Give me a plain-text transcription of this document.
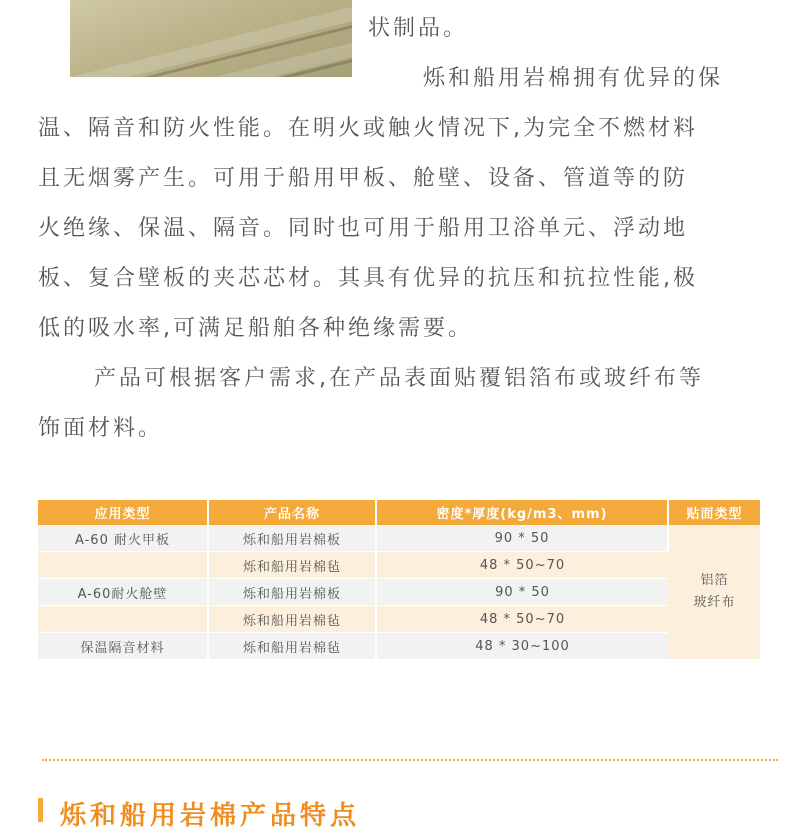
状制品。
烁和船用岩棉拥有优异的保
温、隔音和防火性能。在明火或触火情况下,为完全不燃材料
且无烟雾产生。可用于船用甲板、舱壁、设备、管道等的防
火绝缘、保温、隔音。同时也可用于船用卫浴单元、浮动地
板、复合壁板的夹芯芯材。其具有优异的抗压和抗拉性能,极
低的吸水率,可满足船舶各种绝缘需要。
产品可根据客户需求,在产品表面贴覆铝箔布或玻纤布等
饰面材料。
应用类型	产品名称	密度*厚度(kg/m3、mm)	贴面类型
A-60 耐火甲板	烁和船用岩棉板	90 * 50	铝箔
玻纤布

	烁和船用岩棉毡	48 * 50~70	
A-60耐火舱壁	烁和船用岩棉板	90 * 50	
	烁和船用岩棉毡	48 * 50~70	
保温隔音材料	烁和船用岩棉毡	48 * 30~100	
烁和船用岩棉产品特点
